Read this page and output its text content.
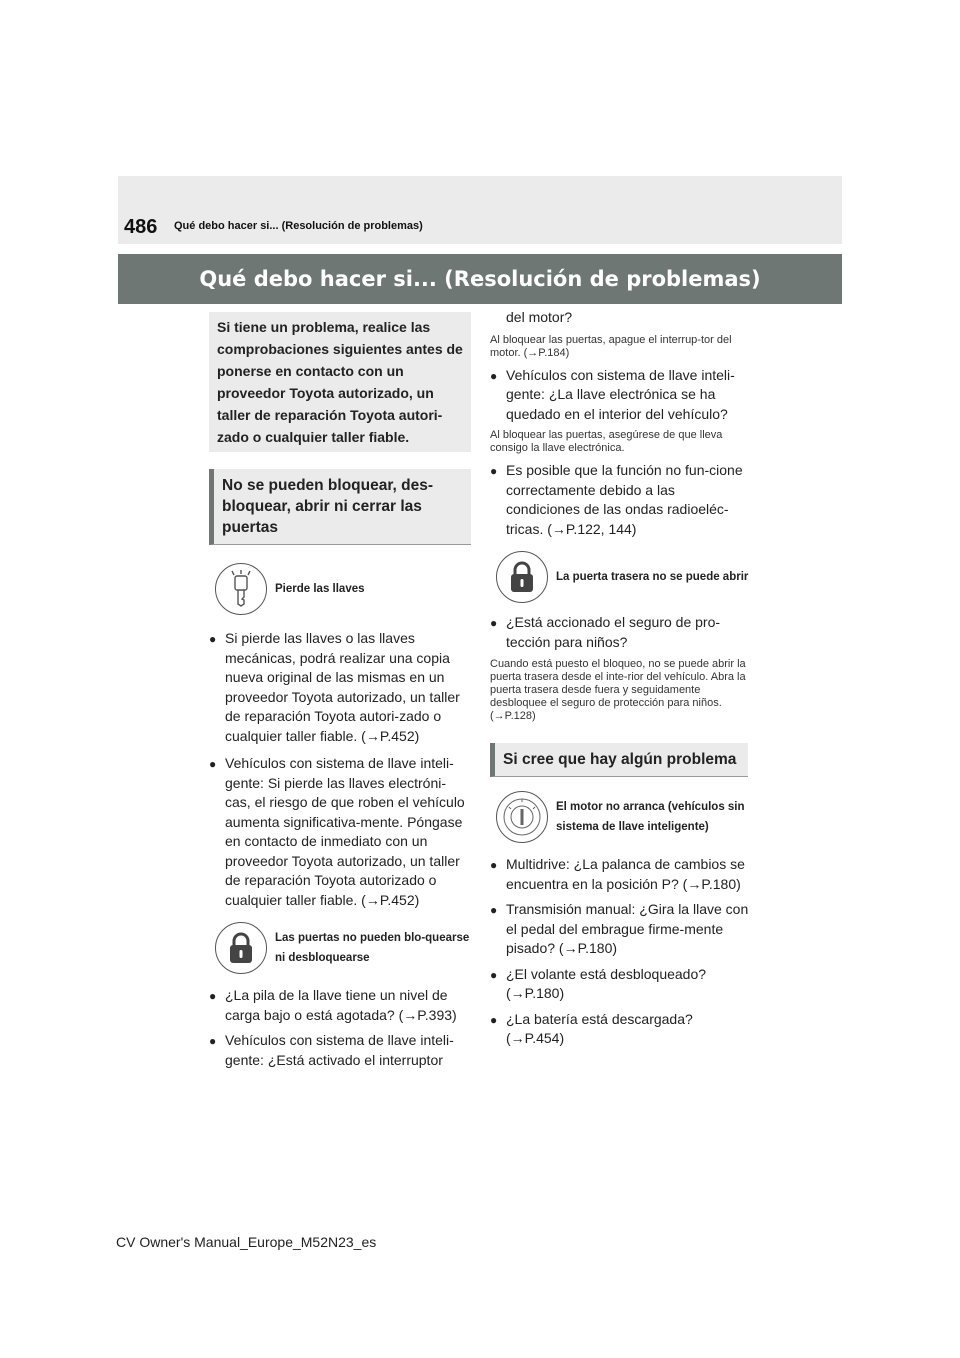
486 Qué debo hacer si... (Resolución de problemas)
Qué debo hacer si... (Resolución de problemas)
Si tiene un problema, realice las comprobaciones siguientes antes de ponerse en contacto con un proveedor Toyota autorizado, un taller de reparación Toyota autori-zado o cualquier taller fiable.
No se pueden bloquear, des-bloquear, abrir ni cerrar las puertas
Pierde las llaves
● Si pierde las llaves o las llaves mecánicas, podrá realizar una copia nueva original de las mismas en un proveedor Toyota autorizado, un taller de reparación Toyota autori-zado o cualquier taller fiable. (→P.452)
● Vehículos con sistema de llave inteli-gente: Si pierde las llaves electróni-cas, el riesgo de que roben el vehículo aumenta significativa-mente. Póngase en contacto de inmediato con un proveedor Toyota autorizado, un taller de reparación Toyota autorizado o cualquier taller fiable. (→P.452)
Las puertas no pueden blo-quearse ni desbloquearse
● ¿La pila de la llave tiene un nivel de carga bajo o está agotada? (→P.393)
● Vehículos con sistema de llave inteli-gente: ¿Está activado el interruptor
del motor?
Al bloquear las puertas, apague el interrup-tor del motor. (→P.184)
● Vehículos con sistema de llave inteli-gente: ¿La llave electrónica se ha quedado en el interior del vehículo?
Al bloquear las puertas, asegúrese de que lleva consigo la llave electrónica.
● Es posible que la función no fun-cione correctamente debido a las condiciones de las ondas radioeléc-tricas. (→P.122, 144)
La puerta trasera no se puede abrir
● ¿Está accionado el seguro de pro-tección para niños?
Cuando está puesto el bloqueo, no se puede abrir la puerta trasera desde el inte-rior del vehículo. Abra la puerta trasera desde fuera y seguidamente desbloquee el seguro de protección para niños. (→P.128)
Si cree que hay algún problema
El motor no arranca (vehículos sin sistema de llave inteligente)
● Multidrive: ¿La palanca de cambios se encuentra en la posición P? (→P.180)
● Transmisión manual: ¿Gira la llave con el pedal del embrague firme-mente pisado? (→P.180)
● ¿El volante está desbloqueado? (→P.180)
● ¿La batería está descargada? (→P.454)
CV Owner's Manual_Europe_M52N23_es
